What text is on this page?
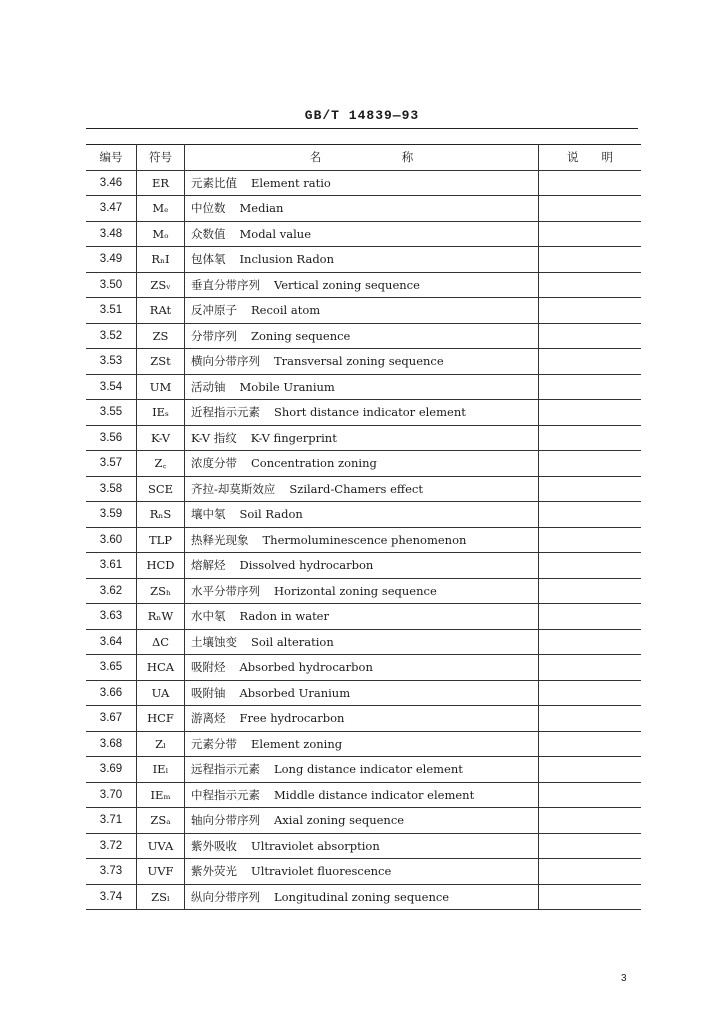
GB/T 14839—93
编号	符号	名　　　　　　　称	说　　明
3.46	ER	元素比值 Element ratio	
3.47	Mₑ	中位数 Median	
3.48	Mₒ	众数值 Modal value	
3.49	RₙI	包体氡 Inclusion Radon	
3.50	ZSᵥ	垂直分带序列 Vertical zoning sequence	
3.51	RAt	反冲原子 Recoil atom	
3.52	ZS	分带序列 Zoning sequence	
3.53	ZSt	横向分带序列 Transversal zoning sequence	
3.54	UM	活动铀 Mobile Uranium	
3.55	IEₛ	近程指示元素 Short distance indicator element	
3.56	K-V	K-V 指纹 K-V fingerprint	
3.57	Z꜀	浓度分带 Concentration zoning	
3.58	SCE	齐拉-却莫斯效应 Szilard-Chamers effect	
3.59	RₙS	壤中氡 Soil Radon	
3.60	TLP	热释光现象 Thermoluminescence phenomenon	
3.61	HCD	熔解烃 Dissolved hydrocarbon	
3.62	ZSₕ	水平分带序列 Horizontal zoning sequence	
3.63	RₙW	水中氡 Radon in water	
3.64	ΔC	土壤蚀变 Soil alteration	
3.65	HCA	吸附烃 Absorbed hydrocarbon	
3.66	UA	吸附铀 Absorbed Uranium	
3.67	HCF	游离烃 Free hydrocarbon	
3.68	Zₗ	元素分带 Element zoning	
3.69	IEₗ	远程指示元素 Long distance indicator element	
3.70	IEₘ	中程指示元素 Middle distance indicator element	
3.71	ZSₐ	轴向分带序列 Axial zoning sequence	
3.72	UVA	紫外吸收 Ultraviolet absorption	
3.73	UVF	紫外荧光 Ultraviolet fluorescence	
3.74	ZSₗ	纵向分带序列 Longitudinal zoning sequence	
3
